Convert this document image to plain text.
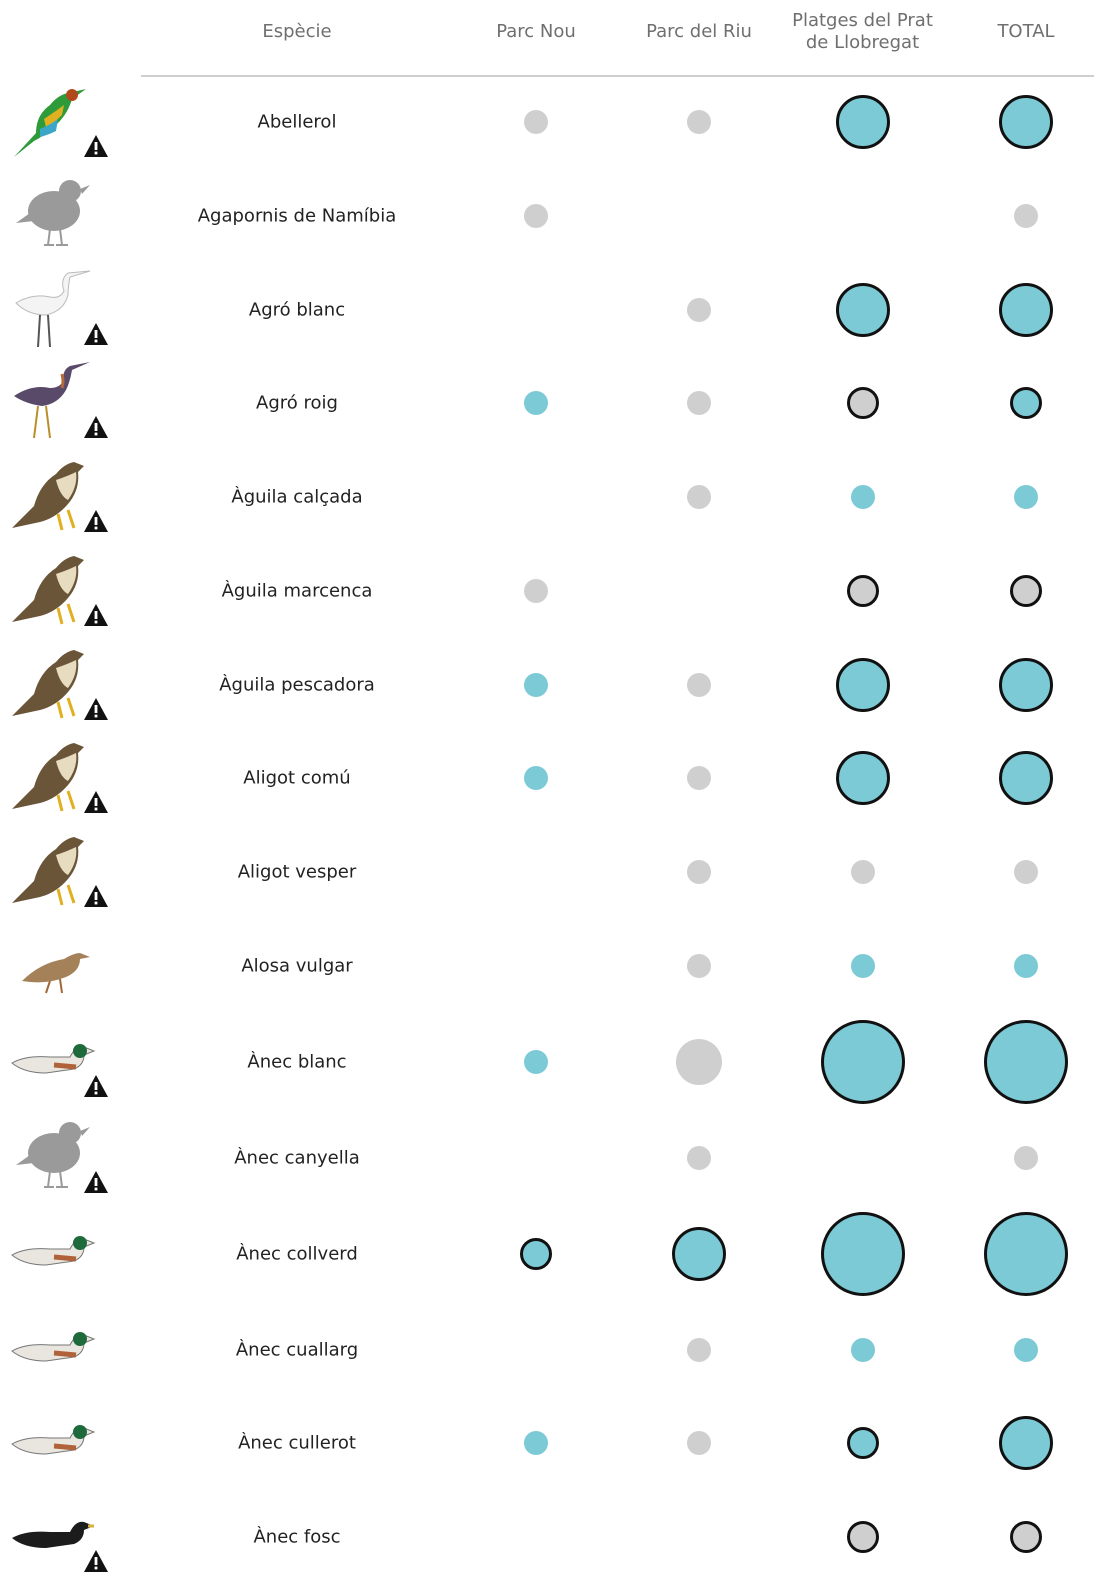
Espècie	Parc Nou	Parc del Riu
Platges del Prat
de Llobregat
TOTAL
Abellerol
Agapornis de Namíbia
Agró blanc
Agró roig
Àguila calçada
Àguila marcenca
Àguila pescadora
Aligot comú
Aligot vesper
Alosa vulgar
Ànec blanc
Ànec canyella
Ànec collverd
Ànec cuallarg
Ànec cullerot
Ànec fosc
